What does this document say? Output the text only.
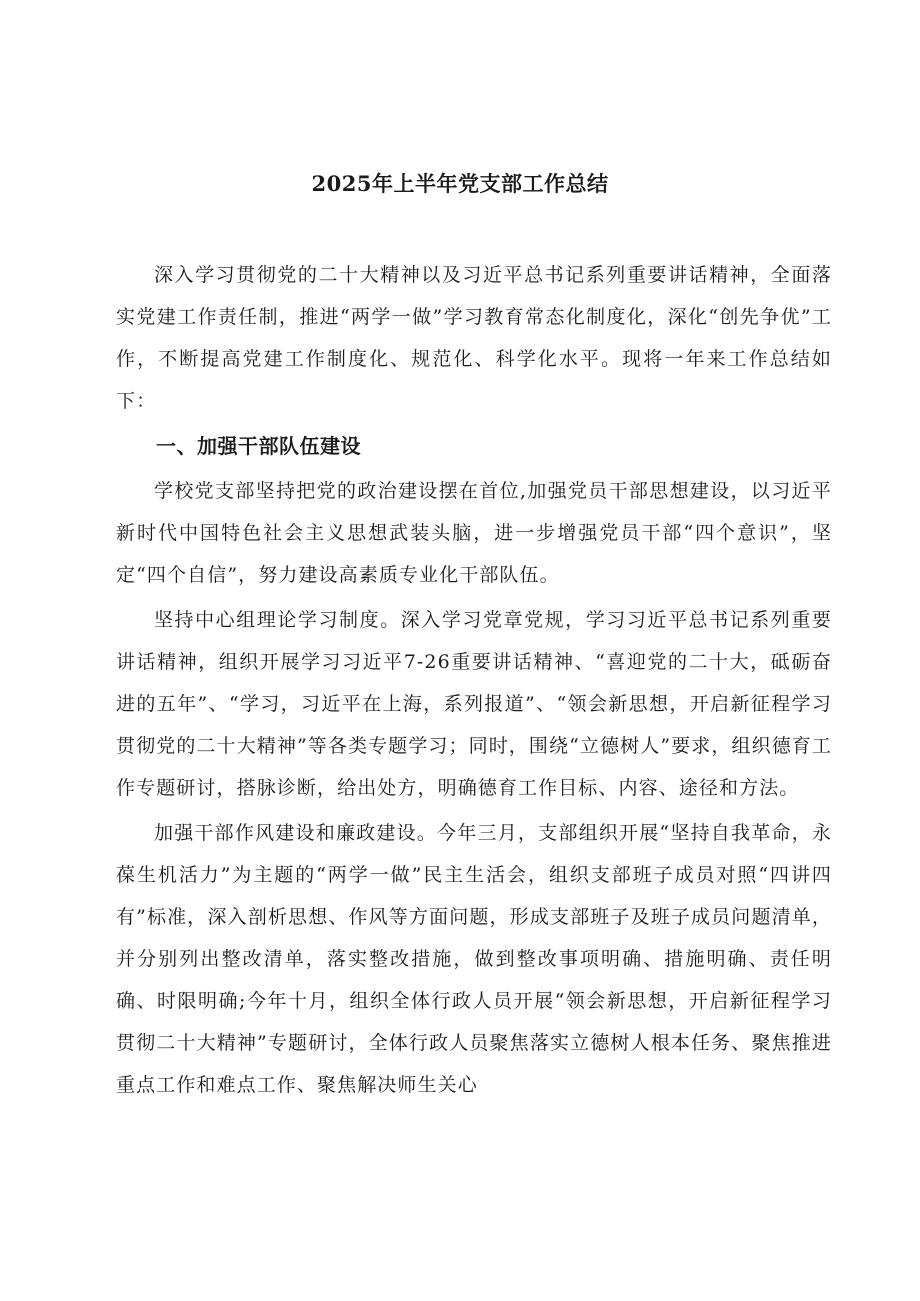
2025年上半年党支部工作总结

深入学习贯彻党的二十大精神以及习近平总书记系列重要讲话精神，全面落实党建工作责任制，推进“两学一做”学习教育常态化制度化，深化“创先争优”工作，不断提高党建工作制度化、规范化、科学化水平。现将一年来工作总结如下：

一、加强干部队伍建设

学校党支部坚持把党的政治建设摆在首位,加强党员干部思想建设，以习近平新时代中国特色社会主义思想武装头脑，进一步增强党员干部“四个意识”，坚定“四个自信”，努力建设高素质专业化干部队伍。

坚持中心组理论学习制度。深入学习党章党规，学习习近平总书记系列重要讲话精神，组织开展学习习近平7-26重要讲话精神、“喜迎党的二十大，砥砺奋进的五年”、“学习，习近平在上海，系列报道”、“领会新思想，开启新征程学习贯彻党的二十大精神”等各类专题学习；同时，围绕“立德树人”要求，组织德育工作专题研讨，搭脉诊断，给出处方，明确德育工作目标、内容、途径和方法。

加强干部作风建设和廉政建设。今年三月，支部组织开展“坚持自我革命，永葆生机活力”为主题的“两学一做”民主生活会，组织支部班子成员对照“四讲四有”标准，深入剖析思想、作风等方面问题，形成支部班子及班子成员问题清单，并分别列出整改清单，落实整改措施，做到整改事项明确、措施明确、责任明确、时限明确;今年十月，组织全体行政人员开展“领会新思想，开启新征程学习贯彻二十大精神”专题研讨，全体行政人员聚焦落实立德树人根本任务、聚焦推进重点工作和难点工作、聚焦解决师生关心
